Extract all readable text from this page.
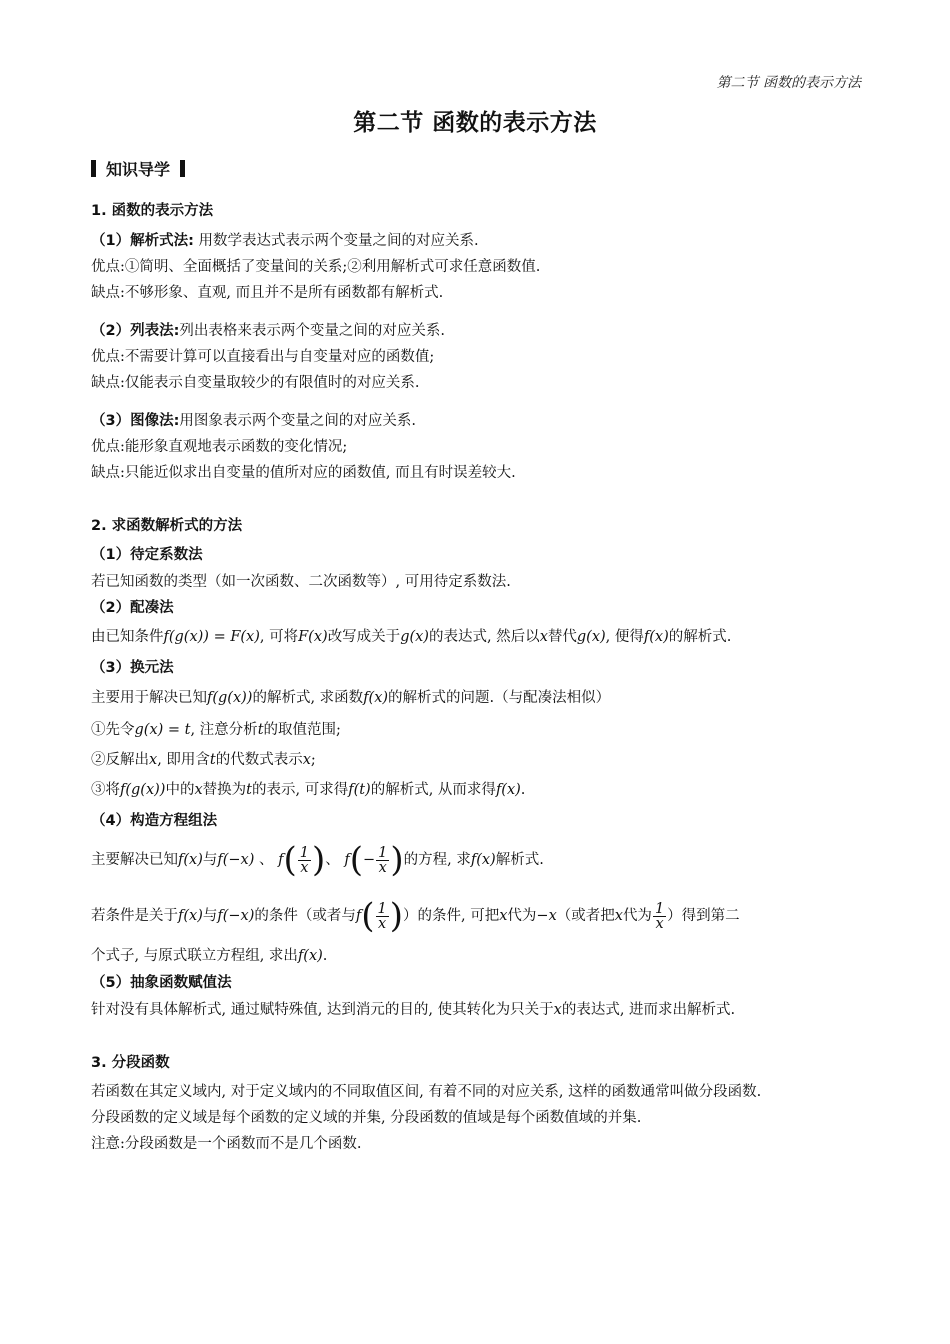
第二节 函数的表示方法
第二节 函数的表示方法
知识导学
1. 函数的表示方法
（1）解析式法: 用数学表达式表示两个变量之间的对应关系.
优点:①简明、全面概括了变量间的关系;②利用解析式可求任意函数值.
缺点:不够形象、直观, 而且并不是所有函数都有解析式.
（2）列表法:列出表格来表示两个变量之间的对应关系.
优点:不需要计算可以直接看出与自变量对应的函数值;
缺点:仅能表示自变量取较少的有限值时的对应关系.
（3）图像法:用图象表示两个变量之间的对应关系.
优点:能形象直观地表示函数的变化情况;
缺点:只能近似求出自变量的值所对应的函数值, 而且有时误差较大.
2. 求函数解析式的方法
（1）待定系数法
若已知函数的类型（如一次函数、二次函数等）, 可用待定系数法.
（2）配凑法
由已知条件f(g(x)) = F(x), 可将F(x)改写成关于g(x)的表达式, 然后以x替代g(x), 便得f(x)的解析式.
（3）换元法
主要用于解决已知f(g(x))的解析式, 求函数f(x)的解析式的问题.（与配凑法相似）
①先令g(x) = t, 注意分析t的取值范围;
②反解出x, 即用含t的代数式表示x;
③将f(g(x))中的x替换为t的表示, 可求得f(t)的解析式, 从而求得f(x).
（4）构造方程组法
主要解决已知f(x)与f(−x) 、 $f( \frac{1}{x}$ )、 $f(- \frac{1}{x}$ )的方程, 求f(x)解析式.
若条件是关于f(x)与f(−x)的条件（或者与$f( \frac{1}{x}$ )）的条件, 可把x代为−x（或者把x代为 $\frac{1}{x}$ ）得到第二
个式子, 与原式联立方程组, 求出f(x).
（5）抽象函数赋值法
针对没有具体解析式, 通过赋特殊值, 达到消元的目的, 使其转化为只关于x的表达式, 进而求出解析式.
3. 分段函数
若函数在其定义域内, 对于定义域内的不同取值区间, 有着不同的对应关系, 这样的函数通常叫做分段函数.
分段函数的定义域是每个函数的定义域的并集, 分段函数的值域是每个函数值域的并集.
注意:分段函数是一个函数而不是几个函数.
